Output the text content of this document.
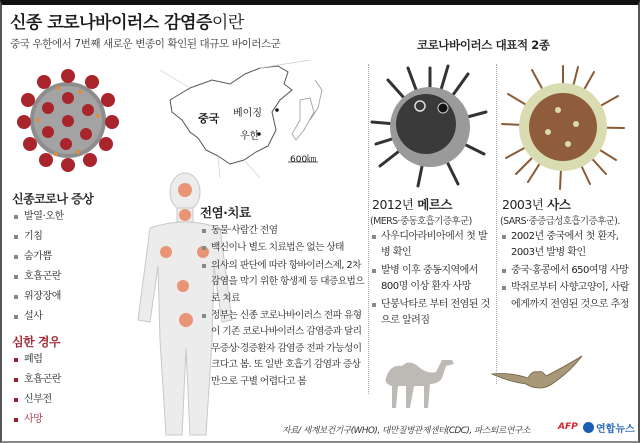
신종 코로나바이러스 감염증이란
중국 우한에서 7번째 새로운 변종이 확인된 대규모 바이러스군
중국 베이징
우한
600㎞
신종코로나 증상
발열·오한
기침
숨가쁨
호흡곤란
위장장애
설사
심한 경우
폐렴
호흡곤란
신부전
사망
전염·치료
동물·사람간 전염
백신이나 별도 치료법은 없는 상태
의사의 판단에 따라 항바이러스제, 2차 감염을 막기 위한 항생제 등 대증요법으로 치료
정부는 신종 코로나바이러스 전파 유형이 기존 코로나바이러스 감염증과 달리 무증상·경증환자 감염증 전파 가능성이 크다고 봄. 또 일반 호흡기 감염과 증상만으로 구별 어렵다고 봄
코로나바이러스 대표적 2종
2012년 메르스
(MERS·중동호흡기증후군)
사우디아라비아에서 첫 발병 확인
발병 이후 중동지역에서 800명 이상 환자 사망
단봉낙타로 부터 전염된 것으로 알려짐
2003년 사스
(SARS·중증급성호흡기증후군).
2002년 중국에서 첫 환자, 2003년 발병 확인
중국·홍콩에서 650여명 사망
박쥐로부터 사향고양이, 사람에게까지 전염된 것으로 추정
자료/ 세계보건기구(WHO), 대만질병관제센터(CDC), 파스퇴르연구소	AFP 연합뉴스
